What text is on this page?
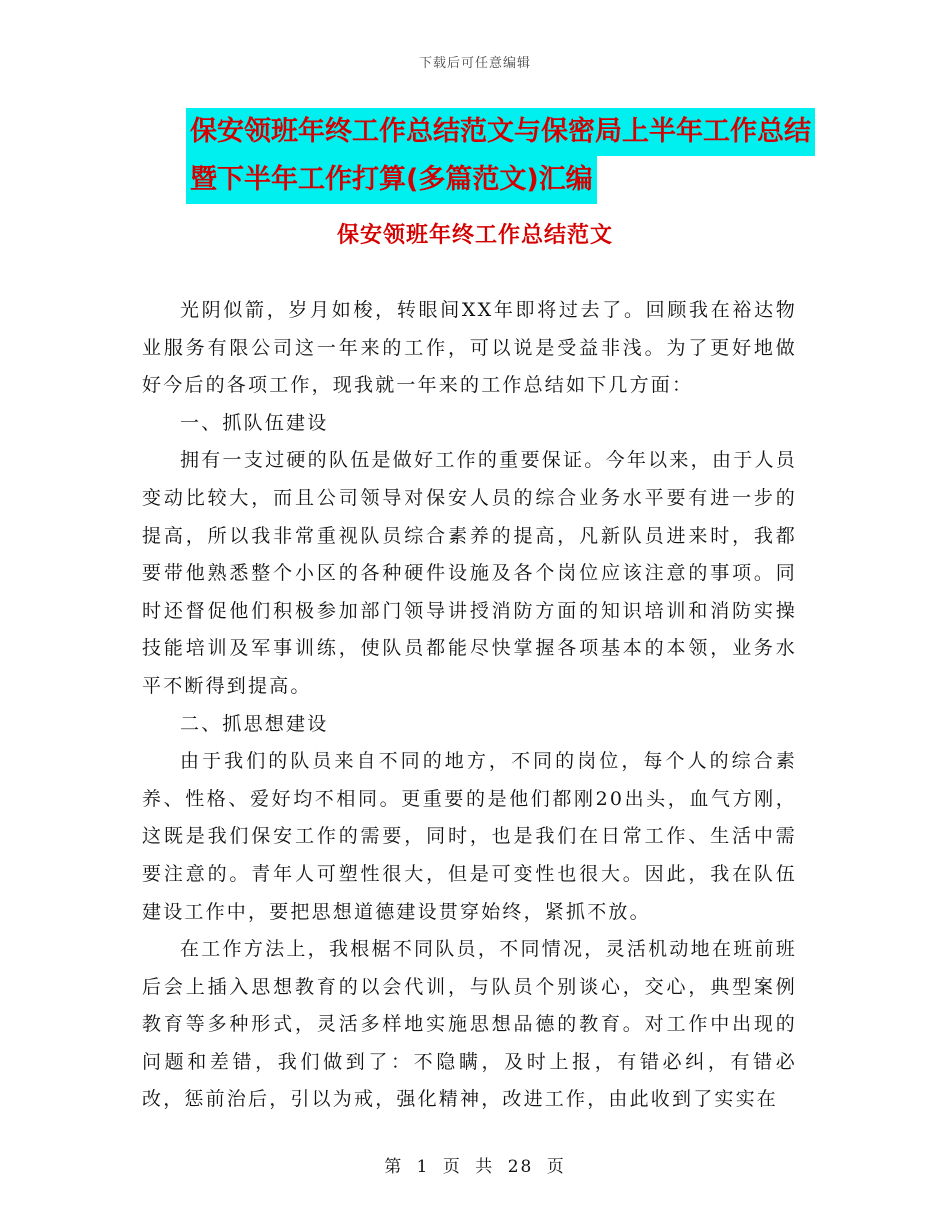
下载后可任意编辑
保安领班年终工作总结范文与保密局上半年工作总结
暨下半年工作打算(多篇范文)汇编
保安领班年终工作总结范文

光阴似箭，岁月如梭，转眼间XX年即将过去了。回顾我在裕达物业服务有限公司这一年来的工作，可以说是受益非浅。为了更好地做好今后的各项工作，现我就一年来的工作总结如下几方面：

一、抓队伍建设

拥有一支过硬的队伍是做好工作的重要保证。今年以来，由于人员变动比较大，而且公司领导对保安人员的综合业务水平要有进一步的提高，所以我非常重视队员综合素养的提高，凡新队员进来时，我都要带他熟悉整个小区的各种硬件设施及各个岗位应该注意的事项。同时还督促他们积极参加部门领导讲授消防方面的知识培训和消防实操技能培训及军事训练，使队员都能尽快掌握各项基本的本领，业务水平不断得到提高。

二、抓思想建设

由于我们的队员来自不同的地方，不同的岗位，每个人的综合素养、性格、爱好均不相同。更重要的是他们都刚20出头，血气方刚，这既是我们保安工作的需要，同时，也是我们在日常工作、生活中需要注意的。青年人可塑性很大，但是可变性也很大。因此，我在队伍建设工作中，要把思想道德建设贯穿始终，紧抓不放。

在工作方法上，我根椐不同队员，不同情况，灵活机动地在班前班后会上插入思想教育的以会代训，与队员个别谈心，交心，典型案例教育等多种形式，灵活多样地实施思想品德的教育。对工作中出现的问题和差错，我们做到了：不隐瞒，及时上报，有错必纠，有错必改，惩前治后，引以为戒，强化精神，改进工作，由此收到了实实在

第 1 页 共 28 页
